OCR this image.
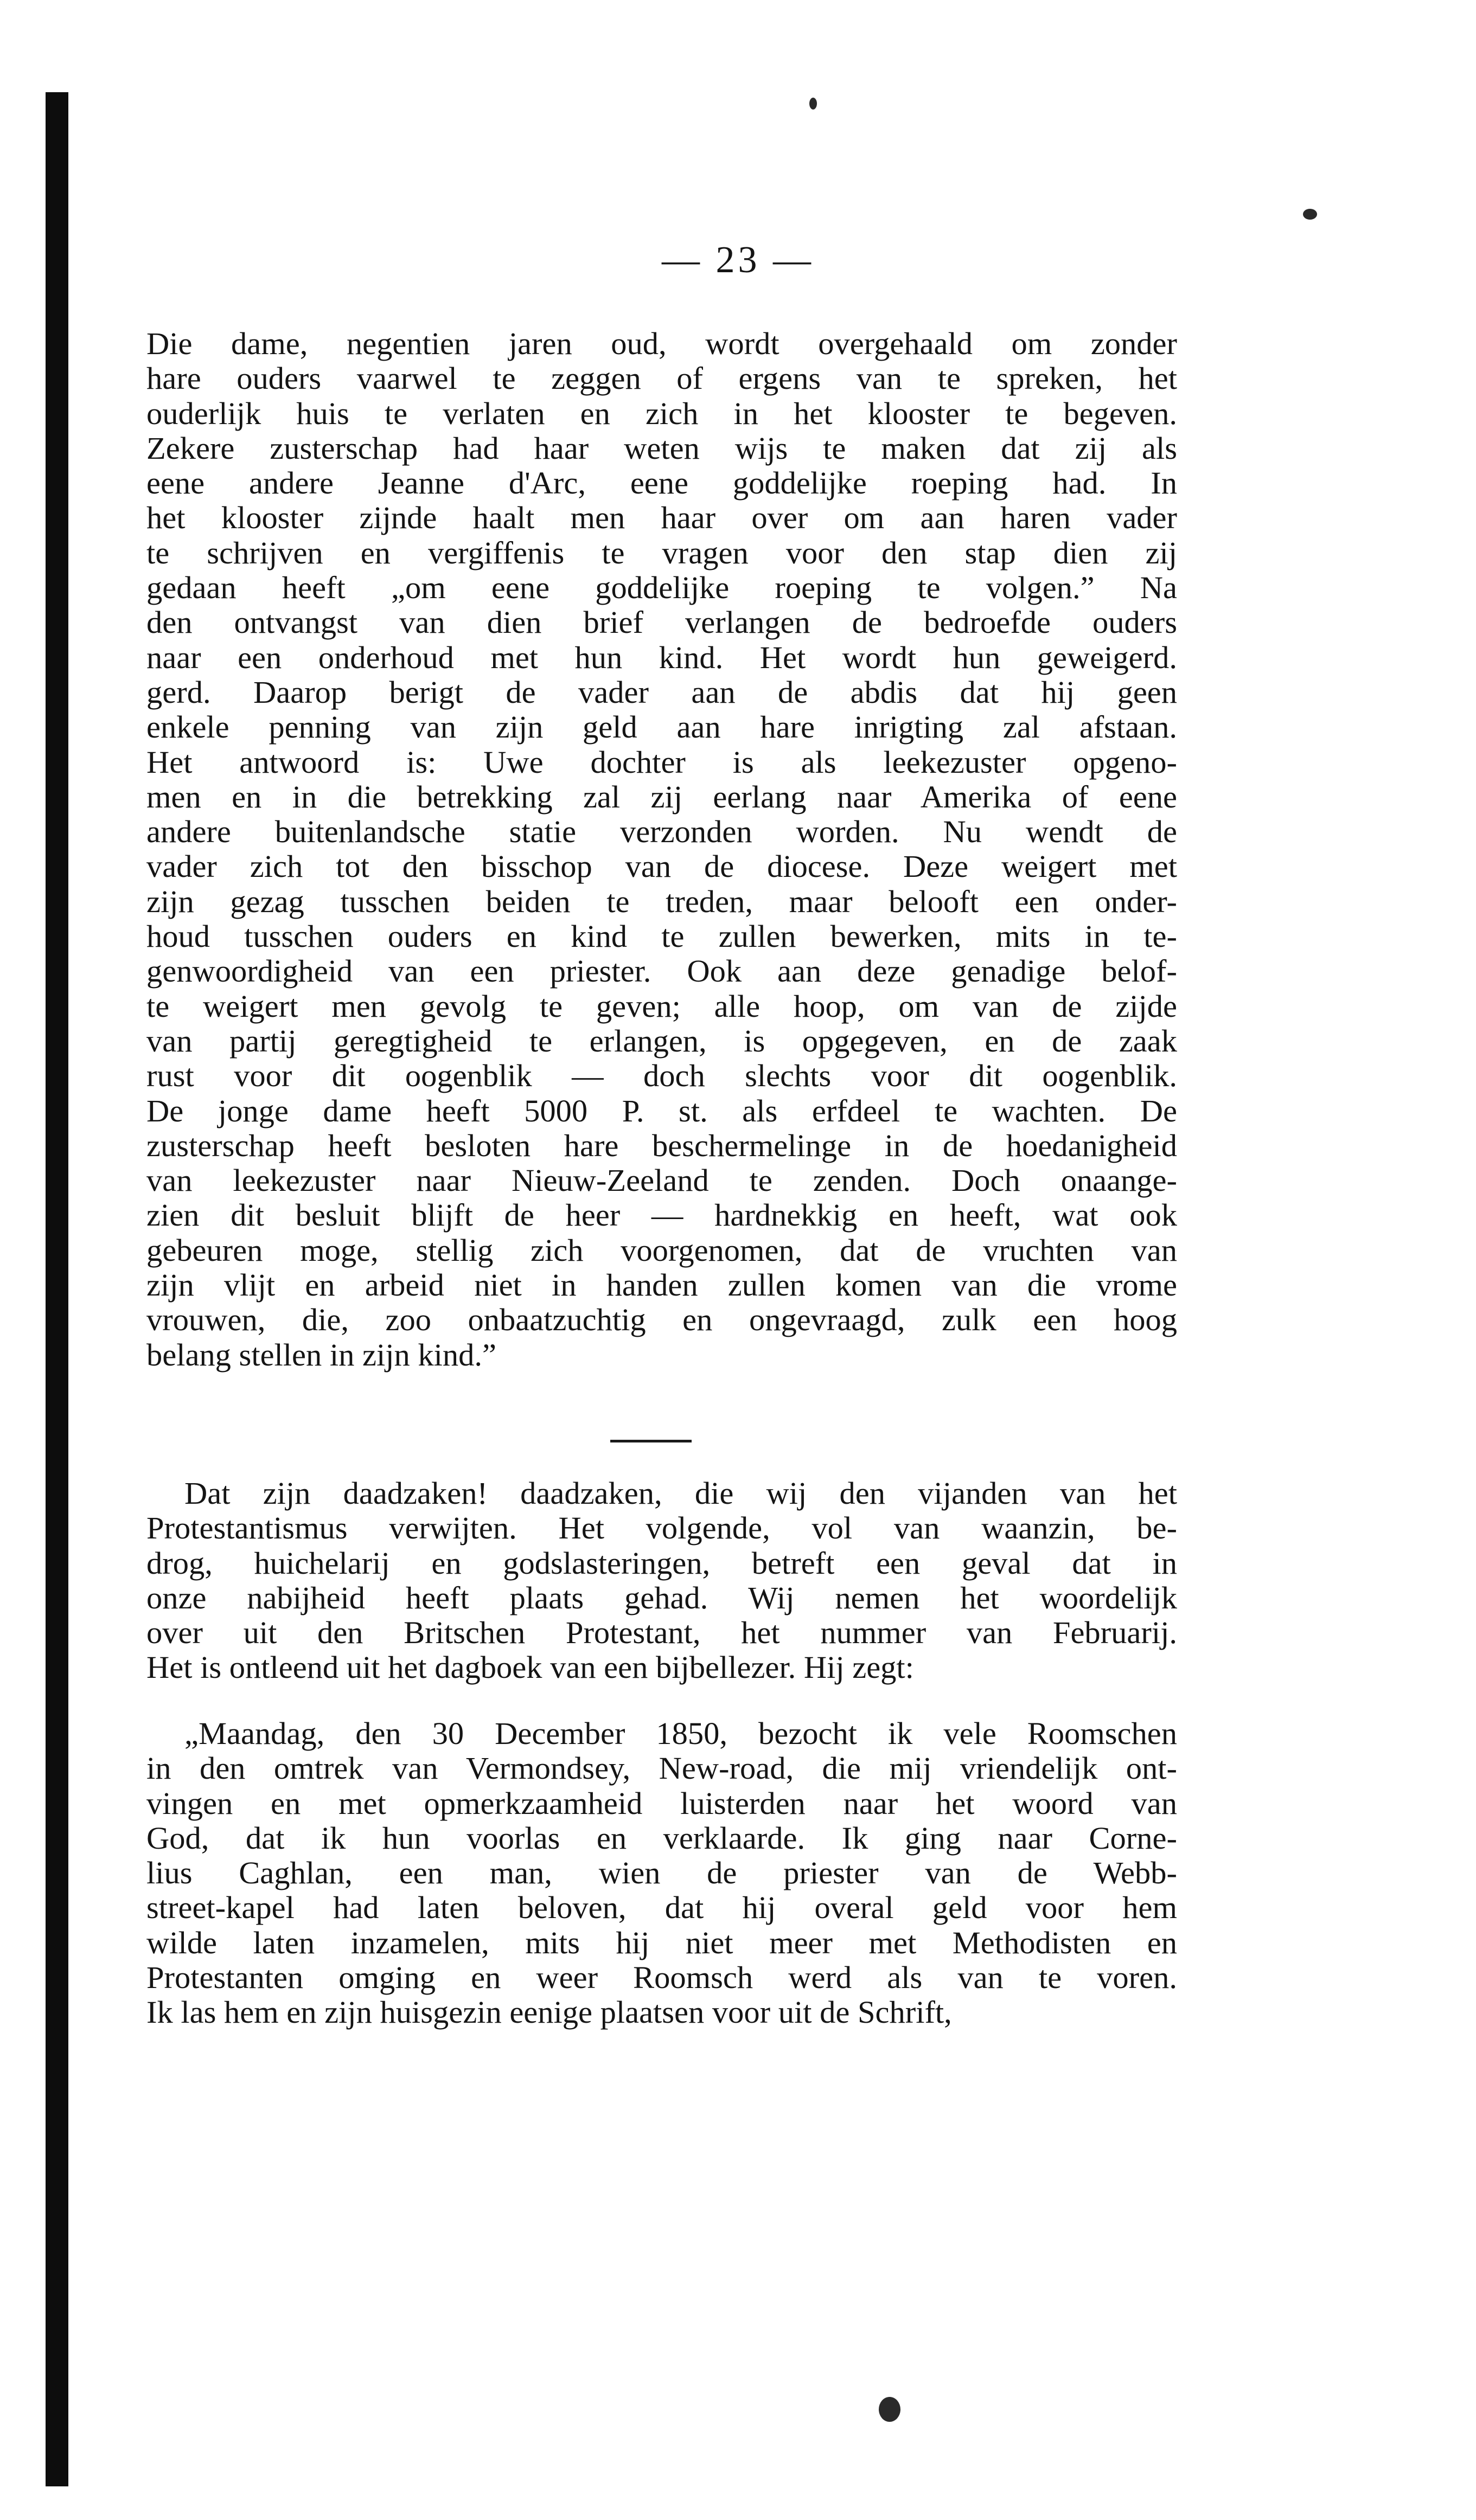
— 23 —

Die dame, negentien jaren oud, wordt overgehaald om zonder

hare ouders vaarwel te zeggen of ergens van te spreken, het

ouderlijk huis te verlaten en zich in het klooster te begeven.

Zekere zusterschap had haar weten wijs te maken dat zij als

eene andere Jeanne d'Arc, eene goddelijke roeping had. In

het klooster zijnde haalt men haar over om aan haren vader

te schrijven en vergiffenis te vragen voor den stap dien zij

gedaan heeft „om eene goddelijke roeping te volgen.” Na

den ontvangst van dien brief verlangen de bedroefde ouders

naar een onderhoud met hun kind. Het wordt hun geweigerd.

gerd. Daarop berigt de vader aan de abdis dat hij geen

enkele penning van zijn geld aan hare inrigting zal afstaan.

Het antwoord is: Uwe dochter is als leekezuster opgeno-

men en in die betrekking zal zij eerlang naar Amerika of eene

andere buitenlandsche statie verzonden worden. Nu wendt de

vader zich tot den bisschop van de diocese. Deze weigert met

zijn gezag tusschen beiden te treden, maar belooft een onder-

houd tusschen ouders en kind te zullen bewerken, mits in te-

genwoordigheid van een priester. Ook aan deze genadige belof-

te weigert men gevolg te geven; alle hoop, om van de zijde

van partij geregtigheid te erlangen, is opgegeven, en de zaak

rust voor dit oogenblik — doch slechts voor dit oogenblik.

De jonge dame heeft 5000 P. st. als erfdeel te wachten. De

zusterschap heeft besloten hare beschermelinge in de hoedanigheid

van leekezuster naar Nieuw-Zeeland te zenden. Doch onaange-

zien dit besluit blijft de heer — hardnekkig en heeft, wat ook

gebeuren moge, stellig zich voorgenomen, dat de vruchten van

zijn vlijt en arbeid niet in handen zullen komen van die vrome

vrouwen, die, zoo onbaatzuchtig en ongevraagd, zulk een hoog

belang stellen in zijn kind.”

Dat zijn daadzaken! daadzaken, die wij den vijanden van het

Protestantismus verwijten. Het volgende, vol van waanzin, be-

drog, huichelarij en godslasteringen, betreft een geval dat in

onze nabijheid heeft plaats gehad. Wij nemen het woordelijk

over uit den Britschen Protestant, het nummer van Februarij.

Het is ontleend uit het dagboek van een bijbellezer. Hij zegt:

„Maandag, den 30 December 1850, bezocht ik vele Roomschen

in den omtrek van Vermondsey, New-road, die mij vriendelijk ont-

vingen en met opmerkzaamheid luisterden naar het woord van

God, dat ik hun voorlas en verklaarde. Ik ging naar Corne-

lius Caghlan, een man, wien de priester van de Webb-

street-kapel had laten beloven, dat hij overal geld voor hem

wilde laten inzamelen, mits hij niet meer met Methodisten en

Protestanten omging en weer Roomsch werd als van te voren.

Ik las hem en zijn huisgezin eenige plaatsen voor uit de Schrift,
